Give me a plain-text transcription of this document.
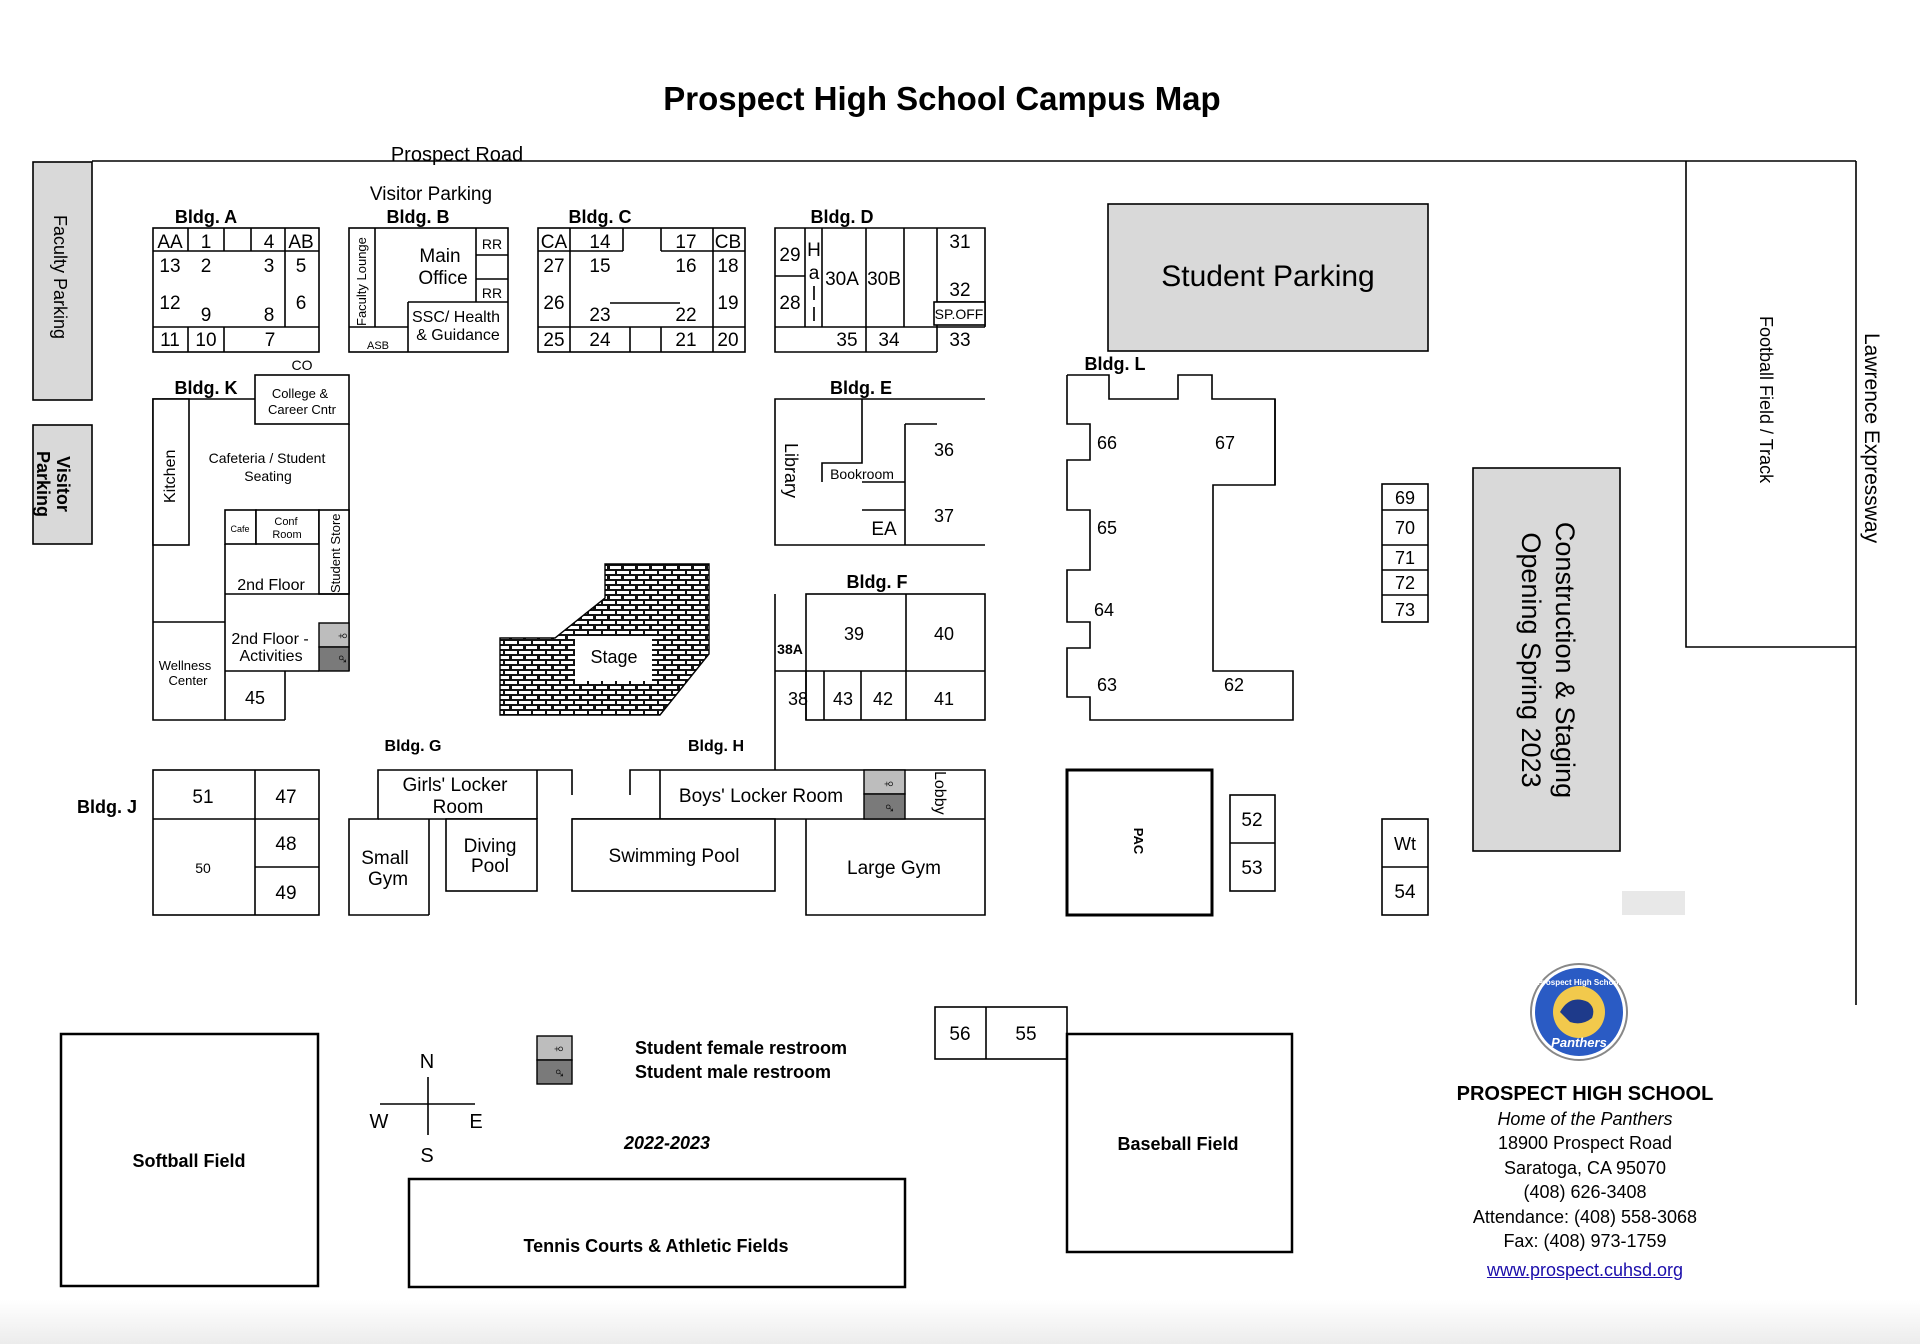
Prospect High School Campus Map
Prospect Road
Lawrence Expressway
Football Field / Track
Faculty Parking
Visitor
Parking
Visitor Parking
Student Parking
Bldg. A
AA 1	4 AB
13 2	3 5
12
9	8
6
11 10	7
Bldg. B
Main
Office
RR
RR
Faculty Lounge
ASB
SSC/ Health
& Guidance
Bldg. C
CA 14	17 CB
27 15	16 18
26
23	22
19
25 24	21 20
Bldg. D
29
28
30A 30B
31
32
35 34	33
H
a
l
l	SP.OFF
Bldg. K
CO
College &
Career Cntr
Kitchen Cafeteria / Student
Seating
Cafe
Conf
Room Student Store
2nd Floor
2nd Floor -
Activities
Wellness
Center
45
♀
♂
Bldg. E
Library Bookroom
36
37
EA
Bldg. F
39	40
38A
38 43 42 41
Stage
Bldg. L
66	67
65
64
63	62
69
70
71
72
73	Construction & Staging
Opening Spring 2023
Bldg. G
Girls' Locker
Room
Small
Gym
Diving
Pool
Bldg. H
♀
♂
Boys' Locker Room	Lobby
Swimming Pool
Large Gym
Bldg. J	51	47
48
50
49
PAC
52
53
Wt
54
56 55
Softball Field
Tennis Courts & Athletic Fields
Baseball Field
N
S
W	E
♀
♂
Student female restroom
Student male restroom
2022-2023
Prospect High School
Panthers
PROSPECT HIGH SCHOOL
Home of the Panthers
18900 Prospect Road
Saratoga, CA 95070
(408) 626-3408
Attendance: (408) 558-3068
Fax: (408) 973-1759
www.prospect.cuhsd.org
